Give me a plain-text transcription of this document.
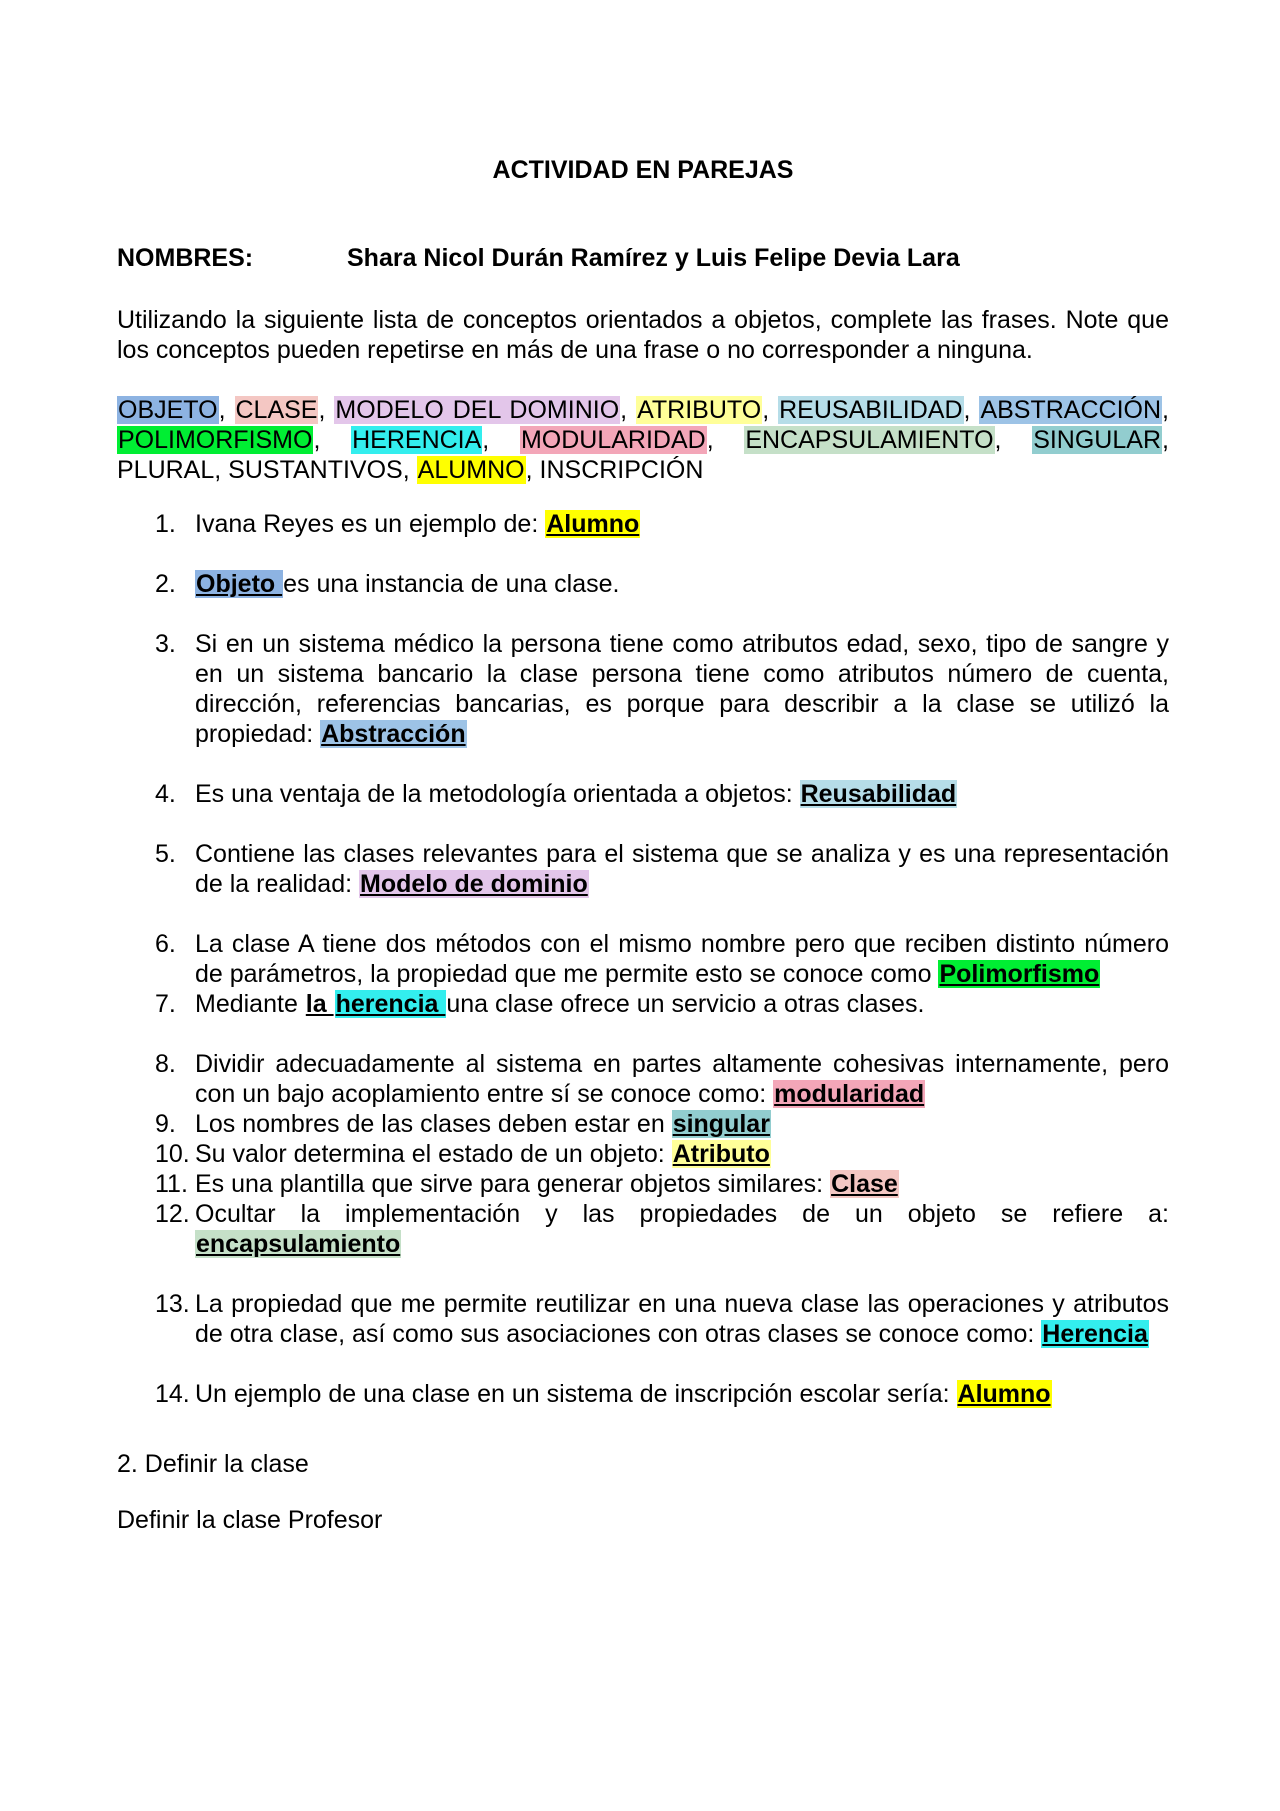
ACTIVIDAD EN PAREJAS
NOMBRES:	Shara Nicol Durán Ramírez y Luis Felipe Devia Lara

Utilizando la siguiente lista de conceptos orientados a objetos, complete las frases. Note que los conceptos pueden repetirse en más de una frase o no corresponder a ninguna.

OBJETO, CLASE, MODELO DEL DOMINIO, ATRIBUTO, REUSABILIDAD, ABSTRACCIÓN, POLIMORFISMO, HERENCIA, MODULARIDAD, ENCAPSULAMIENTO, SINGULAR, PLURAL, SUSTANTIVOS, ALUMNO, INSCRIPCIÓN

1. Ivana Reyes es un ejemplo de: Alumno
2. Objeto es una instancia de una clase.
3. Si en un sistema médico la persona tiene como atributos edad, sexo, tipo de sangre y en un sistema bancario la clase persona tiene como atributos número de cuenta, dirección, referencias bancarias, es porque para describir a la clase se utilizó la propiedad: Abstracción
4. Es una ventaja de la metodología orientada a objetos: Reusabilidad
5. Contiene las clases relevantes para el sistema que se analiza y es una representación de la realidad: Modelo de dominio
6. La clase A tiene dos métodos con el mismo nombre pero que reciben distinto número de parámetros, la propiedad que me permite esto se conoce como Polimorfismo
7. Mediante la herencia una clase ofrece un servicio a otras clases.
8. Dividir adecuadamente al sistema en partes altamente cohesivas internamente, pero con un bajo acoplamiento entre sí se conoce como: modularidad
9. Los nombres de las clases deben estar en singular
10. Su valor determina el estado de un objeto: Atributo
11. Es una plantilla que sirve para generar objetos similares: Clase
12. Ocultar la implementación y las propiedades de un objeto se refiere a: encapsulamiento
13. La propiedad que me permite reutilizar en una nueva clase las operaciones y atributos de otra clase, así como sus asociaciones con otras clases se conoce como: Herencia
14. Un ejemplo de una clase en un sistema de inscripción escolar sería: Alumno
2. Definir la clase
Definir la clase Profesor
